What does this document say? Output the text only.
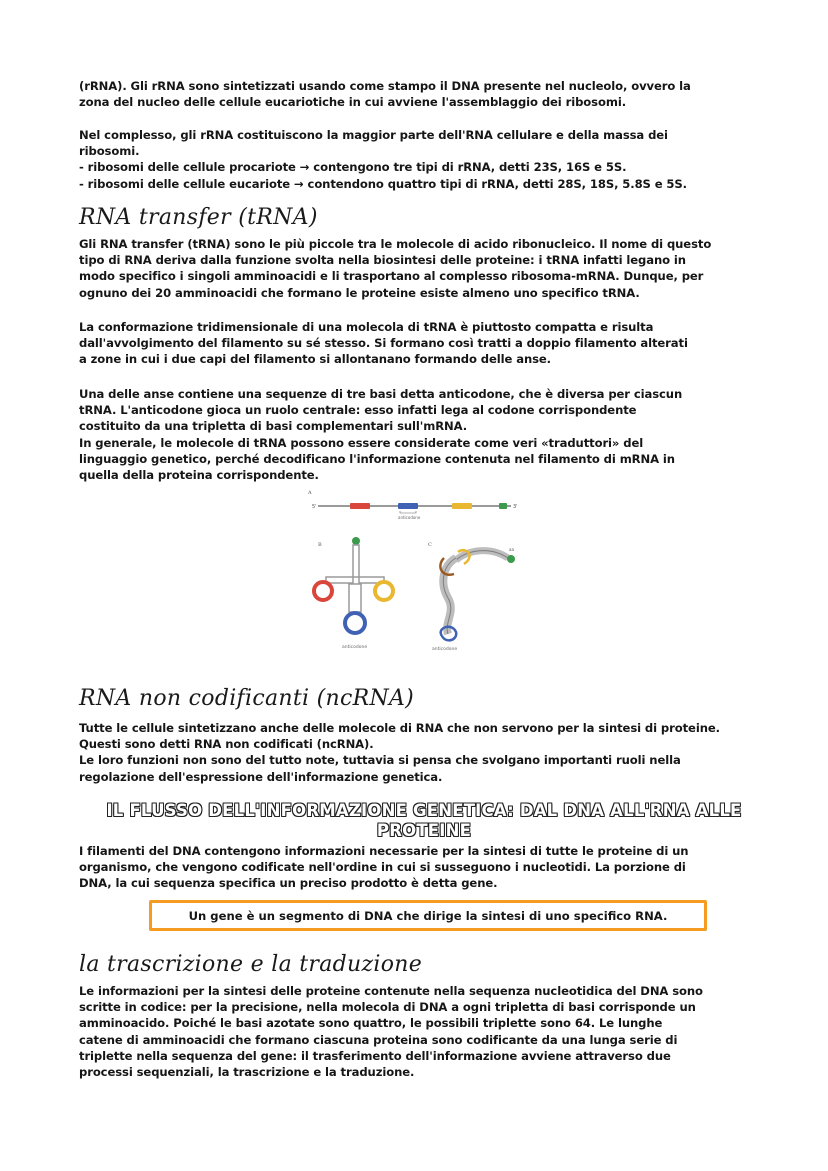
(rRNA). Gli rRNA sono sintetizzati usando come stampo il DNA presente nel nucleolo, ovvero la
zona del nucleo delle cellule eucariotiche in cui avviene l'assemblaggio dei ribosomi.
Nel complesso, gli rRNA costituiscono la maggior parte dell'RNA cellulare e della massa dei
ribosomi.
- ribosomi delle cellule procariote → contengono tre tipi di rRNA, detti 23S, 16S e 5S.
- ribosomi delle cellule eucariote → contendono quattro tipi di rRNA, detti 28S, 18S, 5.8S e 5S.
RNA transfer (tRNA)
Gli RNA transfer (tRNA) sono le più piccole tra le molecole di acido ribonucleico. Il nome di questo
tipo di RNA deriva dalla funzione svolta nella biosintesi delle proteine: i tRNA infatti legano in
modo specifico i singoli amminoacidi e li trasportano al complesso ribosoma-mRNA. Dunque, per
ognuno dei 20 amminoacidi che formano le proteine esiste almeno uno specifico tRNA.
La conformazione tridimensionale di una molecola di tRNA è piuttosto compatta e risulta
dall'avvolgimento del filamento su sé stesso. Si formano così tratti a doppio filamento alterati
a zone in cui i due capi del filamento si allontanano formando delle anse.
Una delle anse contiene una sequenze di tre basi detta anticodone, che è diversa per ciascun
tRNA. L'anticodone gioca un ruolo centrale: esso infatti lega al codone corrispondente
costituito da una tripletta di basi complementari sull'mRNA.
In generale, le molecole di tRNA possono essere considerate come veri «traduttori» del
linguaggio genetico, perché decodificano l'informazione contenuta nel filamento di mRNA in
quella della proteina corrispondente.
A
5'	3'
anticodone
B
anticodone
C
aa
anticodone
RNA non codificanti (ncRNA)
Tutte le cellule sintetizzano anche delle molecole di RNA che non servono per la sintesi di proteine.
Questi sono detti RNA non codificati (ncRNA).
Le loro funzioni non sono del tutto note, tuttavia si pensa che svolgano importanti ruoli nella
regolazione dell'espressione dell'informazione genetica.
IL FLUSSO DELL'INFORMAZIONE GENETICA: DAL DNA ALL'RNA ALLE
PROTEINE
I filamenti del DNA contengono informazioni necessarie per la sintesi di tutte le proteine di un
organismo, che vengono codificate nell'ordine in cui si susseguono i nucleotidi. La porzione di
DNA, la cui sequenza specifica un preciso prodotto è detta gene.
Un gene è un segmento di DNA che dirige la sintesi di uno specifico RNA.
la trascrizione e la traduzione
Le informazioni per la sintesi delle proteine contenute nella sequenza nucleotidica del DNA sono
scritte in codice: per la precisione, nella molecola di DNA a ogni tripletta di basi corrisponde un
amminoacido. Poiché le basi azotate sono quattro, le possibili triplette sono 64. Le lunghe
catene di amminoacidi che formano ciascuna proteina sono codificante da una lunga serie di
triplette nella sequenza del gene: il trasferimento dell'informazione avviene attraverso due
processi sequenziali, la trascrizione e la traduzione.
